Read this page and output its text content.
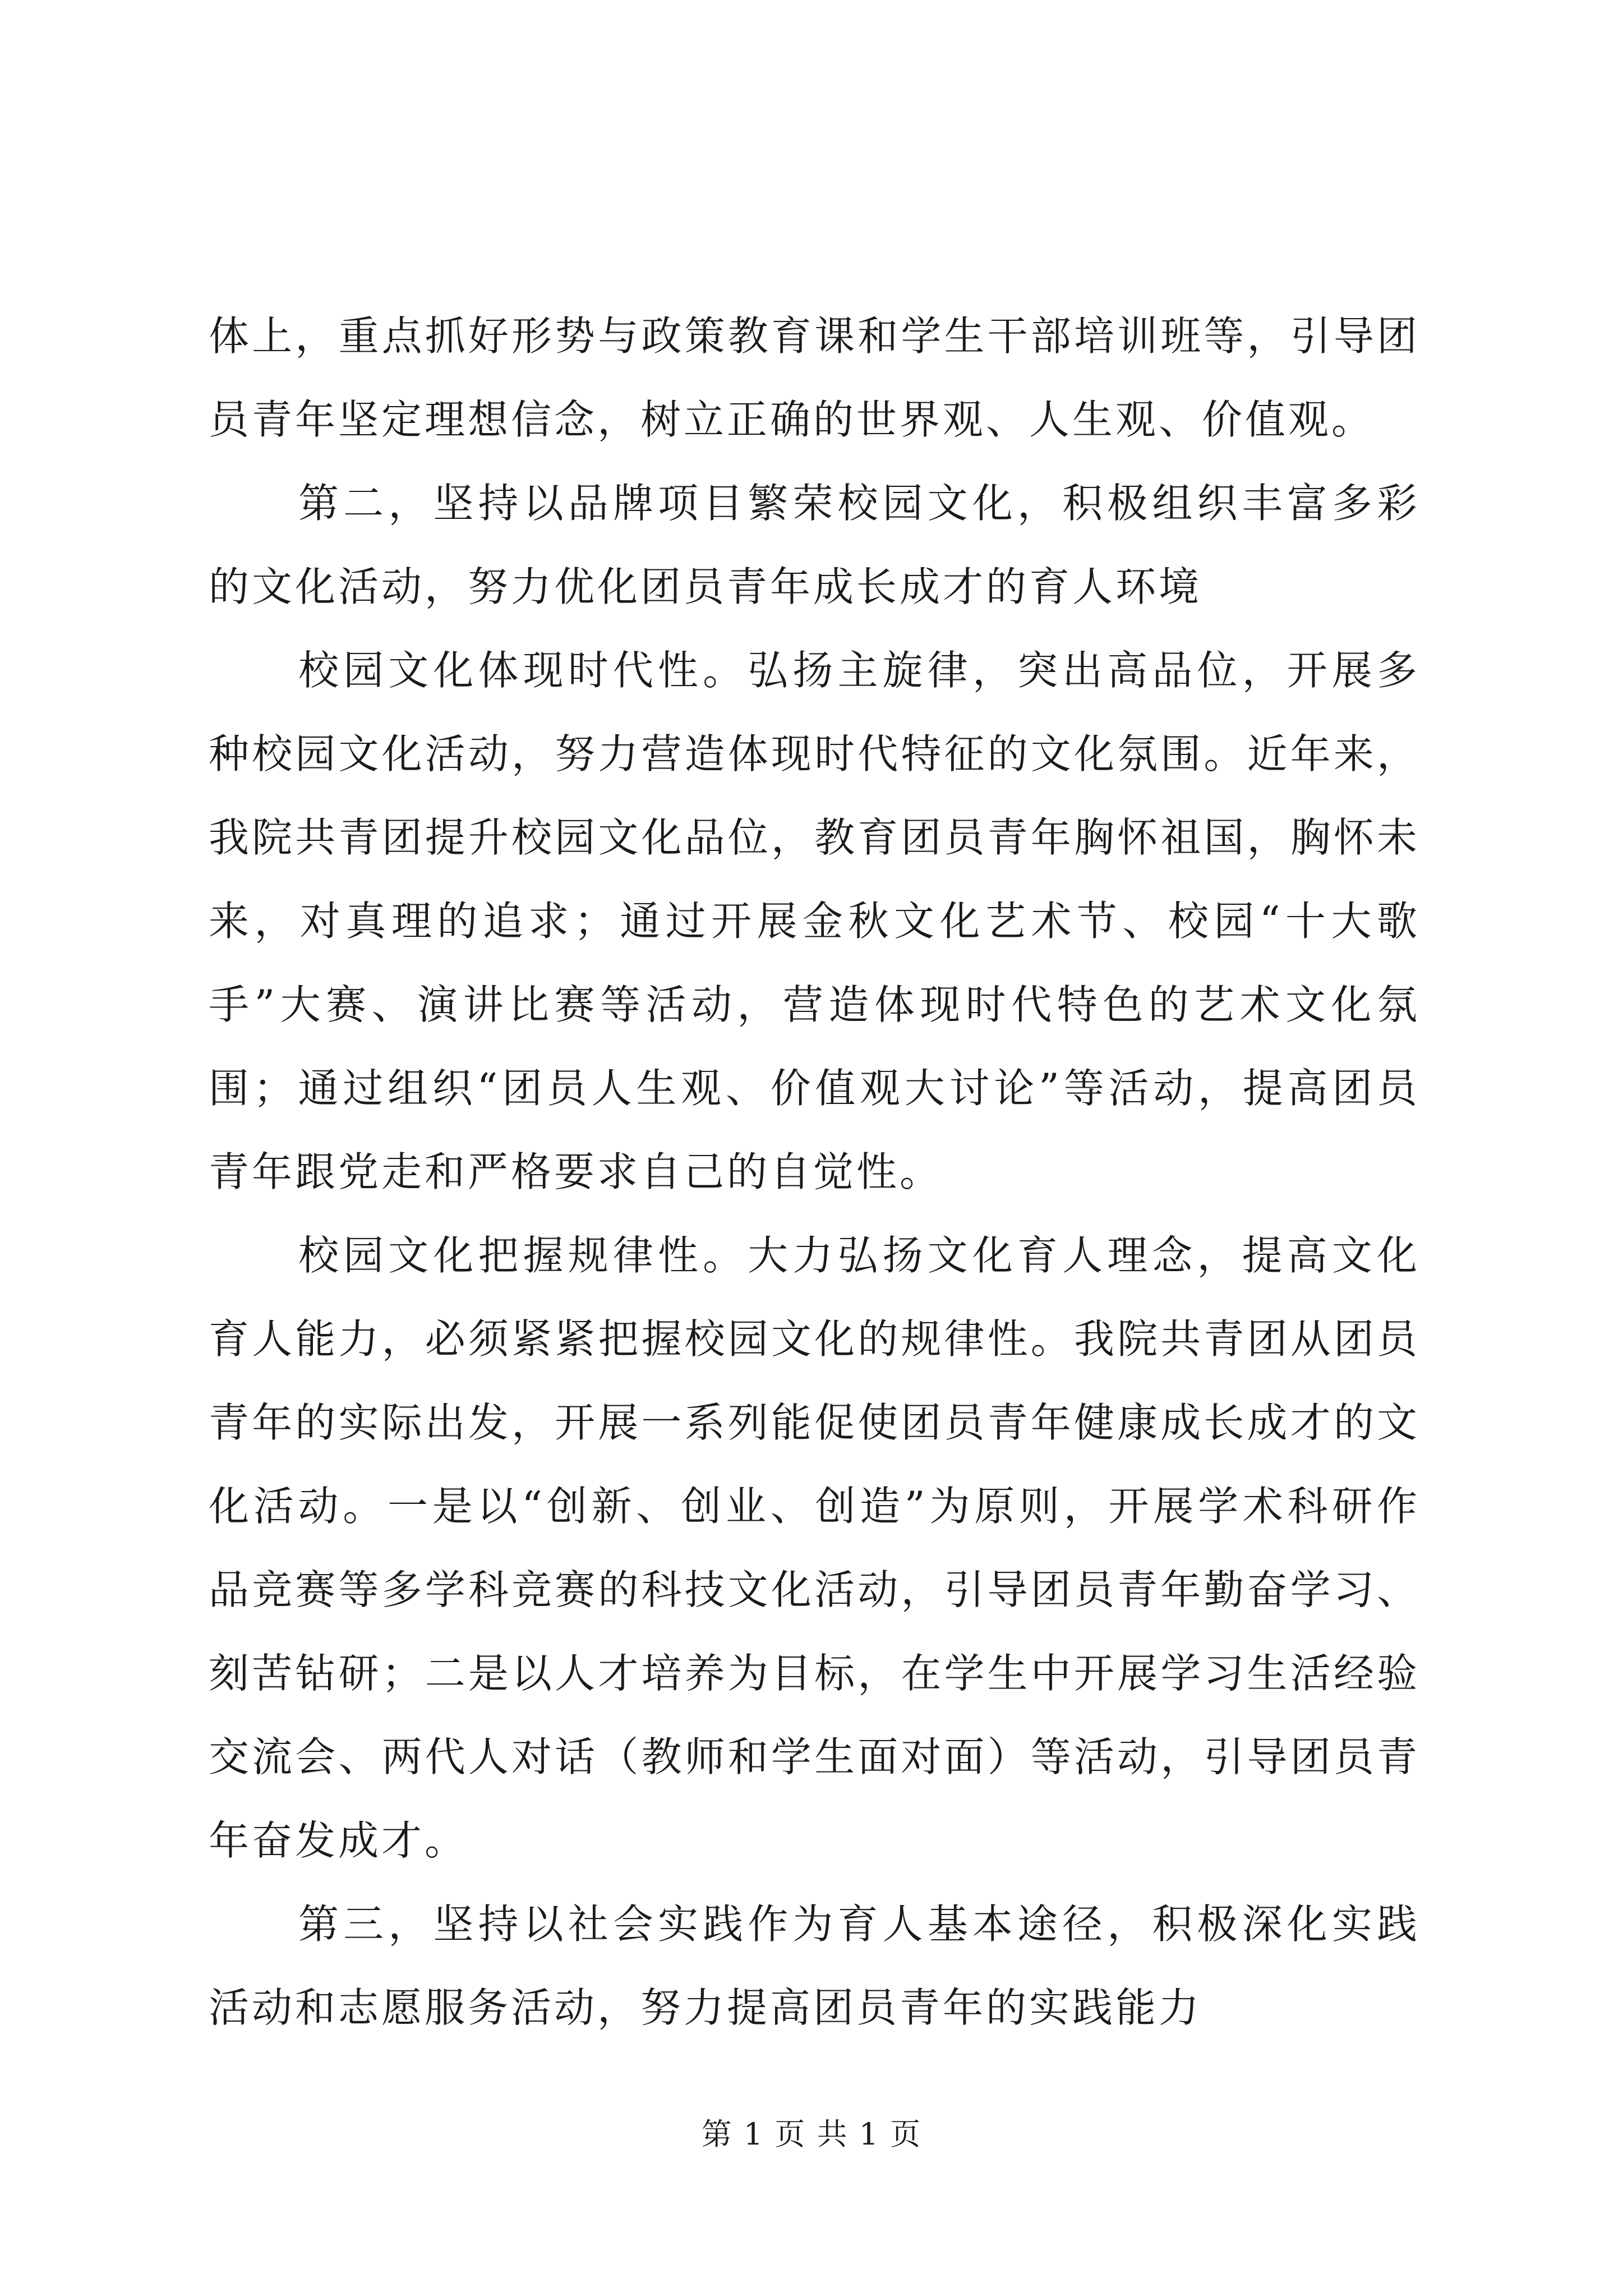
体上，重点抓好形势与政策教育课和学生干部培训班等，引导团员青年坚定理想信念，树立正确的世界观、人生观、价值观。

第二，坚持以品牌项目繁荣校园文化，积极组织丰富多彩的文化活动，努力优化团员青年成长成才的育人环境

校园文化体现时代性。弘扬主旋律，突出高品位，开展多种校园文化活动，努力营造体现时代特征的文化氛围。近年来，我院共青团提升校园文化品位，教育团员青年胸怀祖国，胸怀未来，对真理的追求；通过开展金秋文化艺术节、校园“十大歌手”大赛、演讲比赛等活动，营造体现时代特色的艺术文化氛围；通过组织“团员人生观、价值观大讨论”等活动，提高团员青年跟党走和严格要求自己的自觉性。

校园文化把握规律性。大力弘扬文化育人理念，提高文化育人能力，必须紧紧把握校园文化的规律性。我院共青团从团员青年的实际出发，开展一系列能促使团员青年健康成长成才的文化活动。一是以“创新、创业、创造”为原则，开展学术科研作品竞赛等多学科竞赛的科技文化活动，引导团员青年勤奋学习、刻苦钻研；二是以人才培养为目标，在学生中开展学习生活经验交流会、两代人对话（教师和学生面对面）等活动，引导团员青年奋发成才。

第三，坚持以社会实践作为育人基本途径，积极深化实践活动和志愿服务活动，努力提高团员青年的实践能力

第 1 页 共 1 页
